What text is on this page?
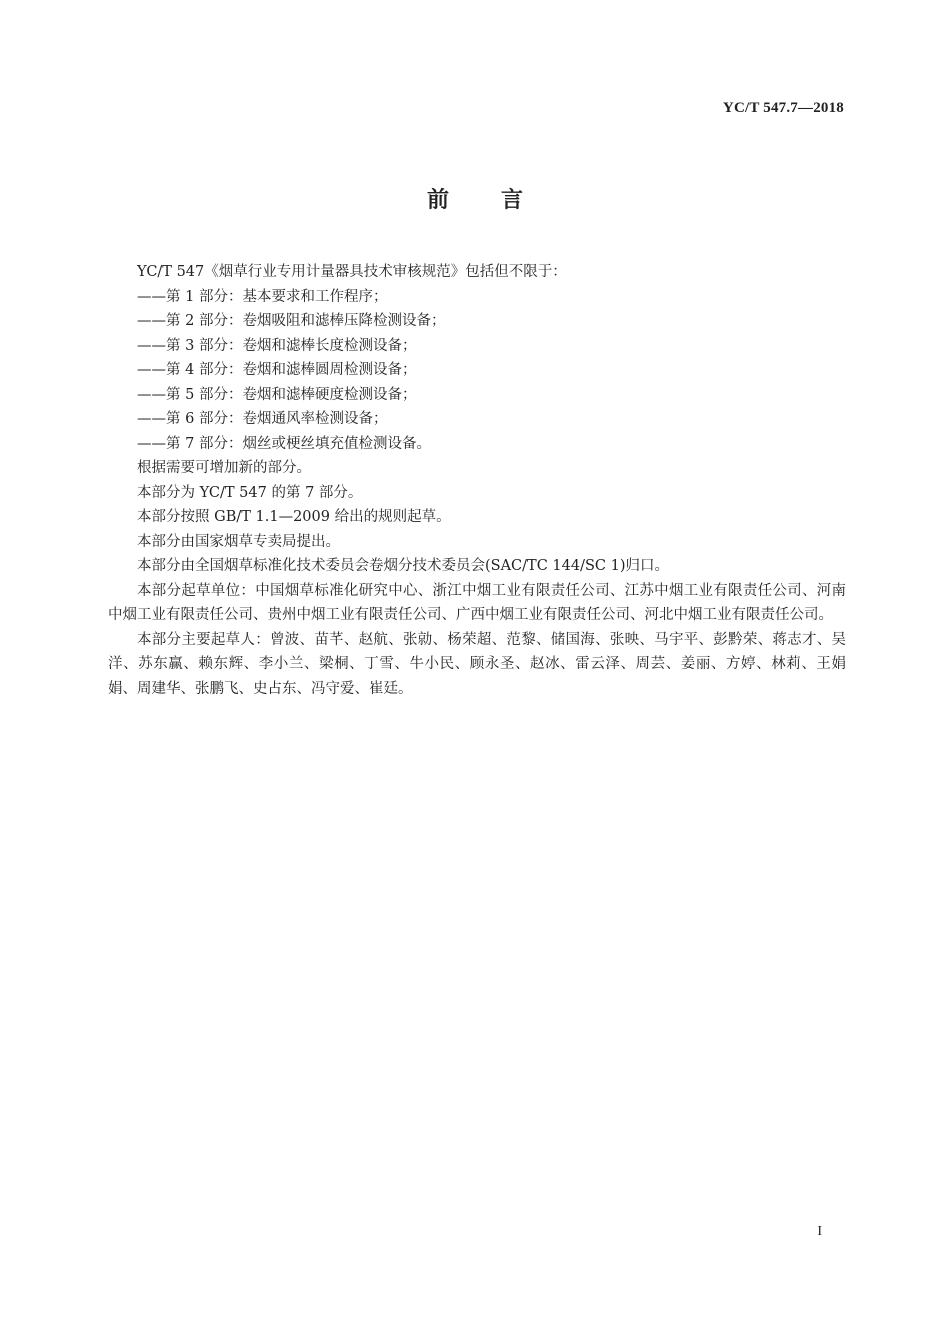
YC/T 547.7—2018
前言

YC/T 547《烟草行业专用计量器具技术审核规范》包括但不限于：

——第 1 部分：基本要求和工作程序；

——第 2 部分：卷烟吸阻和滤棒压降检测设备；

——第 3 部分：卷烟和滤棒长度检测设备；

——第 4 部分：卷烟和滤棒圆周检测设备；

——第 5 部分：卷烟和滤棒硬度检测设备；

——第 6 部分：卷烟通风率检测设备；

——第 7 部分：烟丝或梗丝填充值检测设备。

根据需要可增加新的部分。

本部分为 YC/T 547 的第 7 部分。

本部分按照 GB/T 1.1—2009 给出的规则起草。

本部分由国家烟草专卖局提出。

本部分由全国烟草标准化技术委员会卷烟分技术委员会(SAC/TC 144/SC 1)归口。

本部分起草单位：中国烟草标准化研究中心、浙江中烟工业有限责任公司、江苏中烟工业有限责任公司、河南中烟工业有限责任公司、贵州中烟工业有限责任公司、广西中烟工业有限责任公司、河北中烟工业有限责任公司。

本部分主要起草人：曾波、苗芊、赵航、张勍、杨荣超、范黎、储国海、张映、马宇平、彭黔荣、蒋志才、吴洋、苏东赢、赖东辉、李小兰、梁桐、丁雪、牛小民、顾永圣、赵冰、雷云泽、周芸、姜丽、方婷、林莉、王娟娟、周建华、张鹏飞、史占东、冯守爱、崔廷。

I
